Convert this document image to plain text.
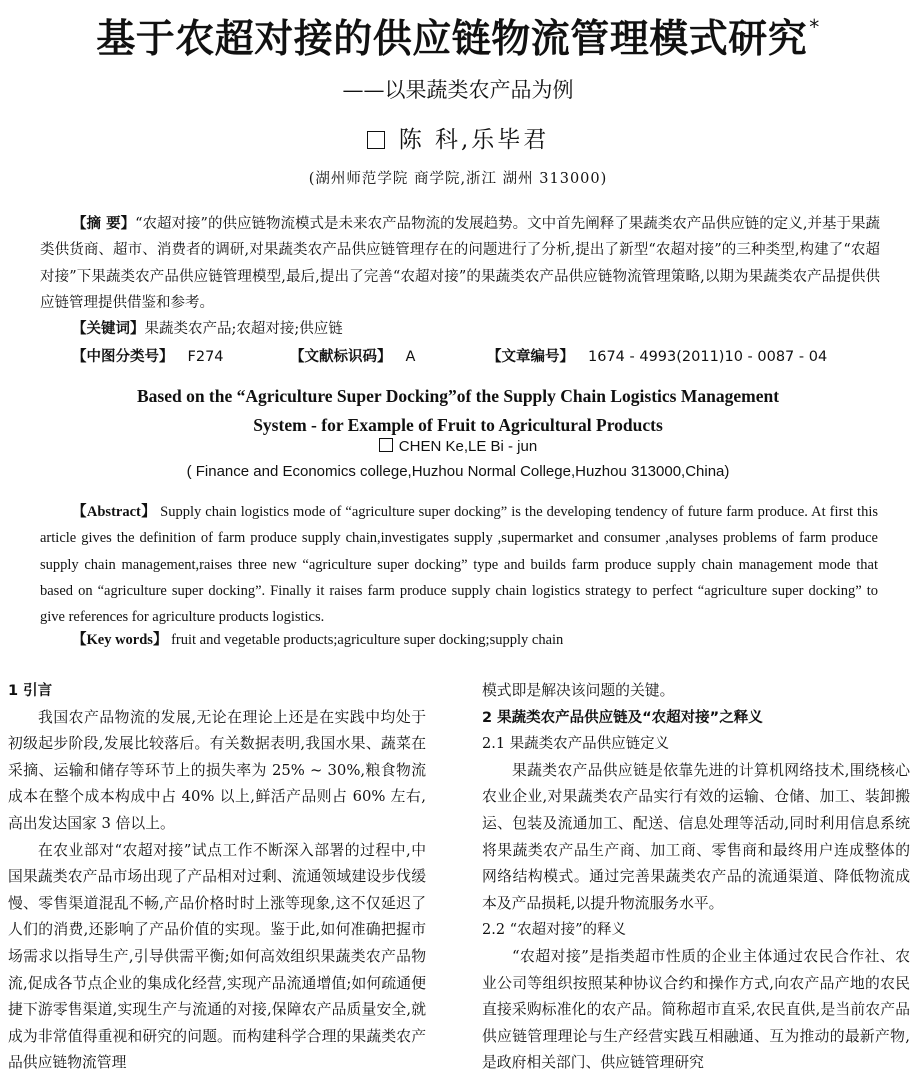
基于农超对接的供应链物流管理模式研究 *
——以果蔬类农产品为例
陈 科,乐毕君
(湖州师范学院 商学院,浙江 湖州 313000)
【摘 要】“农超对接”的供应链物流模式是未来农产品物流的发展趋势。文中首先阐释了果蔬类农产品供应链的定义,并基于果蔬类供货商、超市、消费者的调研,对果蔬类农产品供应链管理存在的问题进行了分析,提出了新型“农超对接”的三种类型,构建了“农超对接”下果蔬类农产品供应链管理模型,最后,提出了完善“农超对接”的果蔬类农产品供应链物流管理策略,以期为果蔬类农产品提供供应链管理提供借鉴和参考。
【关键词】果蔬类农产品;农超对接;供应链
【中图分类号】 F274	【文献标识码】 A	【文章编号】 1674 - 4993(2011)10 - 0087 - 04
Based on the “Agriculture Super Docking”of the Supply Chain Logistics Management
System - for Example of Fruit to Agricultural Products
CHEN Ke,LE Bi - jun
( Finance and Economics college,Huzhou Normal College,Huzhou 313000,China)
【Abstract】 Supply chain logistics mode of “agriculture super docking” is the developing tendency of future farm produce. At first this article gives the definition of farm produce supply chain,investigates supply ,supermarket and consumer ,analyses problems of farm produce supply chain management,raises three new “agriculture super docking” type and builds farm produce supply chain management mode that based on “agriculture super docking”. Finally it raises farm produce supply chain logistics strategy to perfect “agriculture super docking” to give references for agriculture products logistics.
【Key words】 fruit and vegetable products;agriculture super docking;supply chain
1 引言

我国农产品物流的发展,无论在理论上还是在实践中均处于初级起步阶段,发展比较落后。有关数据表明,我国水果、蔬菜在采摘、运输和储存等环节上的损失率为 25% ~ 30%,粮食物流成本在整个成本构成中占 40% 以上,鲜活产品则占 60% 左右,高出发达国家 3 倍以上。

在农业部对“农超对接”试点工作不断深入部署的过程中,中国果蔬类农产品市场出现了产品相对过剩、流通领域建设步伐缓慢、零售渠道混乱不畅,产品价格时时上涨等现象,这不仅延迟了人们的消费,还影响了产品价值的实现。鉴于此,如何准确把握市场需求以指导生产,引导供需平衡;如何高效组织果蔬类农产品物流,促成各节点企业的集成化经营,实现产品流通增值;如何疏通便捷下游零售渠道,实现生产与流通的对接,保障农产品质量安全,就成为非常值得重视和研究的问题。而构建科学合理的果蔬类农产品供应链物流管理

模式即是解决该问题的关键。

2 果蔬类农产品供应链及“农超对接”之释义
2.1 果蔬类农产品供应链定义

果蔬类农产品供应链是依靠先进的计算机网络技术,围绕核心农业企业,对果蔬类农产品实行有效的运输、仓储、加工、装卸搬运、包装及流通加工、配送、信息处理等活动,同时利用信息系统将果蔬类农产品生产商、加工商、零售商和最终用户连成整体的网络结构模式。通过完善果蔬类农产品的流通渠道、降低物流成本及产品损耗,以提升物流服务水平。

2.2 “农超对接”的释义

“农超对接”是指类超市性质的企业主体通过农民合作社、农业公司等组织按照某种协议合约和操作方式,向农产品产地的农民直接采购标准化的农产品。简称超市直采,农民直供,是当前农产品供应链管理理论与生产经营实践互相融通、互为推动的最新产物,是政府相关部门、供应链管理研究
